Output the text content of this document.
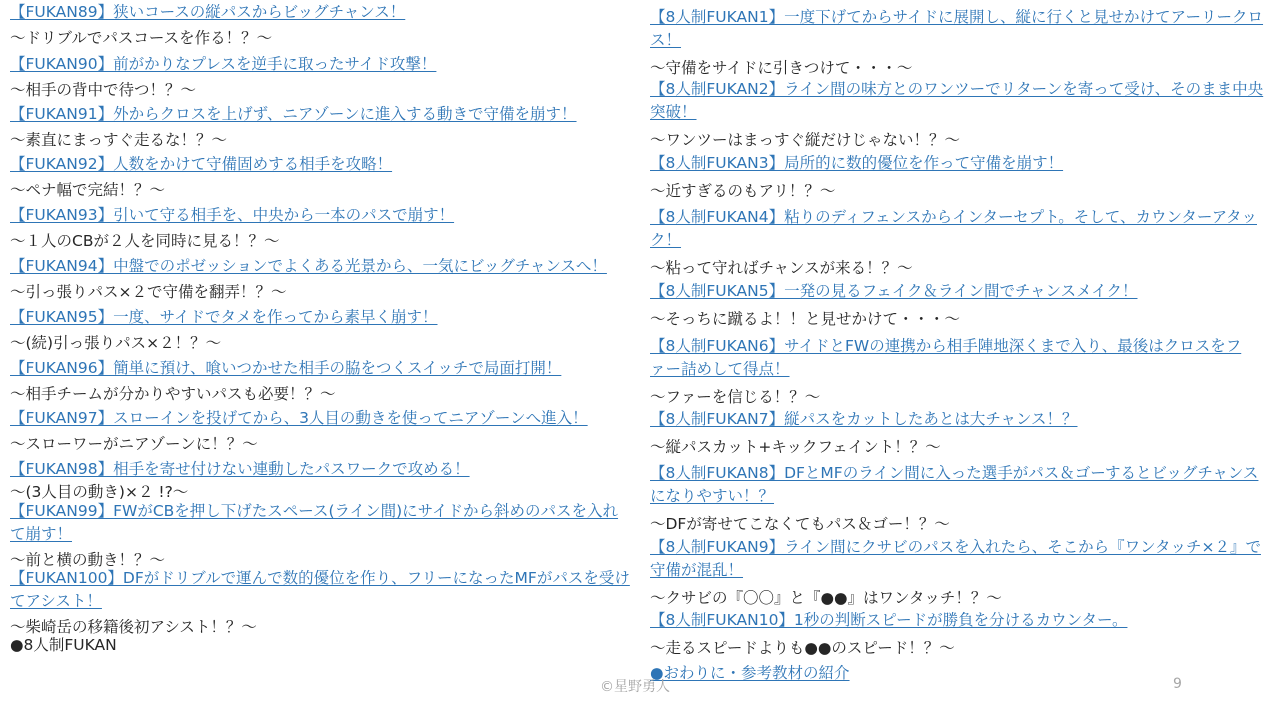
【FUKAN89】狭いコースの縦パスからビッグチャンス！
〜ドリブルでパスコースを作る！？〜
【FUKAN90】前がかりなプレスを逆手に取ったサイド攻撃！
〜相手の背中で待つ！？〜
【FUKAN91】外からクロスを上げず、ニアゾーンに進入する動きで守備を崩す！
〜素直にまっすぐ走るな！？〜
【FUKAN92】人数をかけて守備固めする相手を攻略！
〜ペナ幅で完結！？〜
【FUKAN93】引いて守る相手を、中央から一本のパスで崩す！
〜１人のCBが２人を同時に見る！？〜
【FUKAN94】中盤でのポゼッションでよくある光景から、一気にビッグチャンスへ！
〜引っ張りパス×２で守備を翻弄！？〜
【FUKAN95】一度、サイドでタメを作ってから素早く崩す！
〜(続)引っ張りパス×２！？〜
【FUKAN96】簡単に預け、喰いつかせた相手の脇をつくスイッチで局面打開！
〜相手チームが分かりやすいパスも必要！？〜
【FUKAN97】スローインを投げてから、3人目の動きを使ってニアゾーンへ進入！
〜スローワーがニアゾーンに！？〜
【FUKAN98】相手を寄せ付けない連動したパスワークで攻める！
〜(3人目の動き)×２ !?〜
【FUKAN99】FWがCBを押し下げたスペース(ライン間)にサイドから斜めのパスを入れて崩す！
〜前と横の動き！？〜
【FUKAN100】DFがドリブルで運んで数的優位を作り、フリーになったMFがパスを受けてアシスト！
〜柴崎岳の移籍後初アシスト！？〜
●8人制FUKAN
【8人制FUKAN1】一度下げてからサイドに展開し、縦に行くと見せかけてアーリークロス！
〜守備をサイドに引きつけて・・・〜
【8人制FUKAN2】ライン間の味方とのワンツーでリターンを寄って受け、そのまま中央突破！
〜ワンツーはまっすぐ縦だけじゃない！？〜
【8人制FUKAN3】局所的に数的優位を作って守備を崩す！
〜近すぎるのもアリ！？〜
【8人制FUKAN4】粘りのディフェンスからインターセプト。そして、カウンターアタック！
〜粘って守ればチャンスが来る！？〜
【8人制FUKAN5】一発の見るフェイク＆ライン間でチャンスメイク！
〜そっちに蹴るよ！！と見せかけて・・・〜
【8人制FUKAN6】サイドとFWの連携から相手陣地深くまで入り、最後はクロスをファー詰めして得点！
〜ファーを信じる！？〜
【8人制FUKAN7】縦パスをカットしたあとは大チャンス！？
〜縦パスカット+キックフェイント！？〜
【8人制FUKAN8】DFとMFのライン間に入った選手がパス＆ゴーするとビッグチャンスになりやすい！？
〜DFが寄せてこなくてもパス＆ゴー！？〜
【8人制FUKAN9】ライン間にクサビのパスを入れたら、そこから『ワンタッチ×２』で守備が混乱！
〜クサビの『〇〇』と『●●』はワンタッチ！？〜
【8人制FUKAN10】1秒の判断スピードが勝負を分けるカウンター。
〜走るスピードよりも●●のスピード！？〜
●おわりに・参考教材の紹介
©星野勇人	9
